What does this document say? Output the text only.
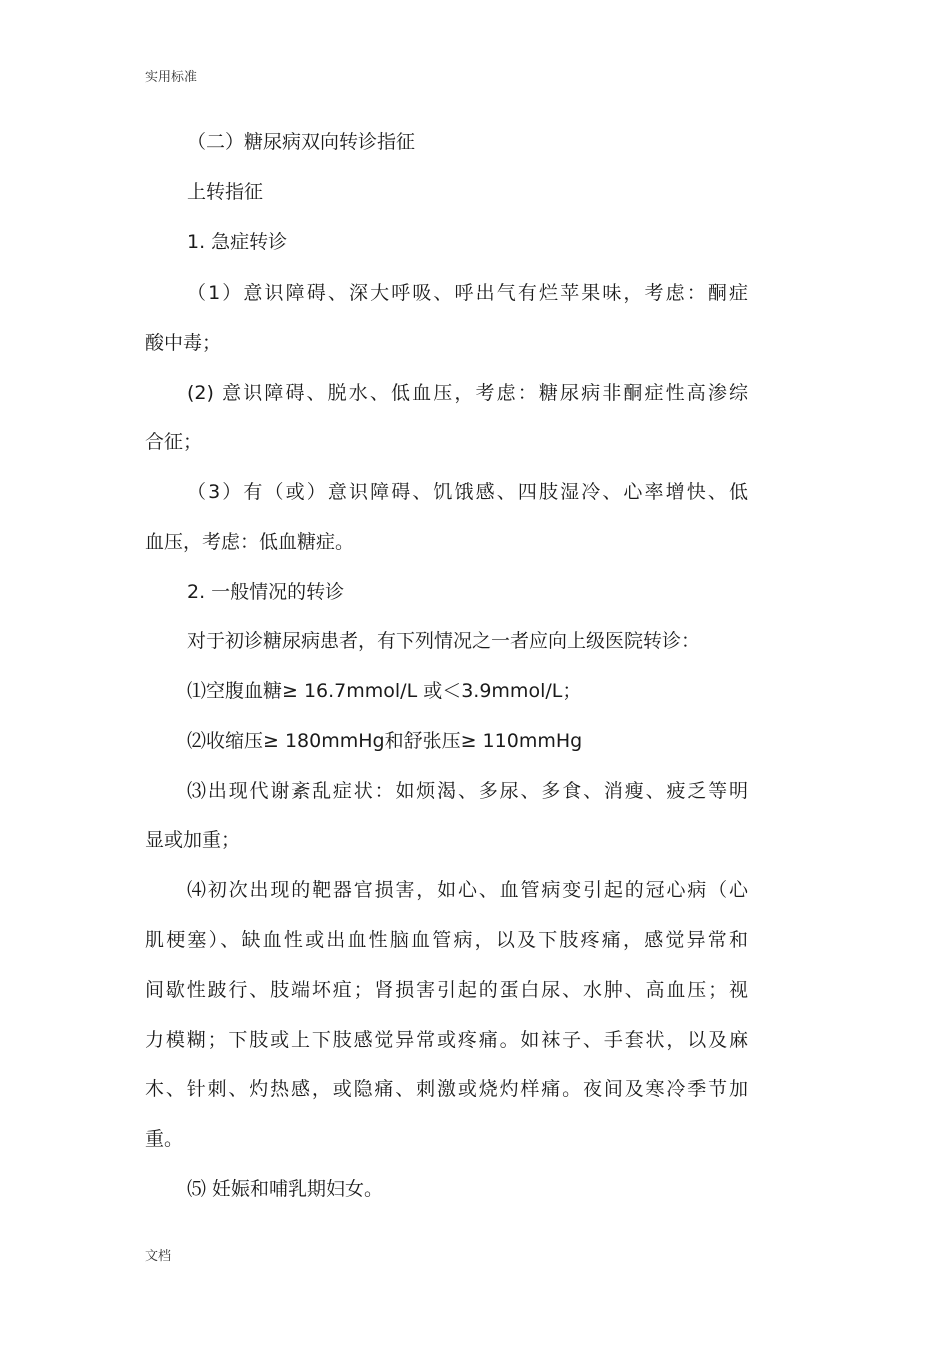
实用标准
（二）糖尿病双向转诊指征
上转指征
1. 急症转诊
（1）意识障碍、深大呼吸、呼出气有烂苹果味，考虑：酮症
酸中毒；
(2) 意识障碍、脱水、低血压，考虑：糖尿病非酮症性高渗综
合征；
（3）有（或）意识障碍、饥饿感、四肢湿冷、心率增快、低
血压，考虑：低血糖症。
2. 一般情况的转诊
对于初诊糖尿病患者，有下列情况之一者应向上级医院转诊：
⑴空腹血糖≥ 16.7mmol/L 或＜3.9mmol/L；
⑵收缩压≥ 180mmHg和舒张压≥ 110mmHg
⑶出现代谢紊乱症状：如烦渴、多尿、多食、消瘦、疲乏等明
显或加重；
⑷初次出现的靶器官损害，如心、血管病变引起的冠心病（心
肌梗塞）、缺血性或出血性脑血管病，以及下肢疼痛，感觉异常和
间歇性跛行、肢端坏疽；肾损害引起的蛋白尿、水肿、高血压；视
力模糊；下肢或上下肢感觉异常或疼痛。如袜子、手套状，以及麻
木、针刺、灼热感，或隐痛、刺激或烧灼样痛。夜间及寒冷季节加
重。
⑸ 妊娠和哺乳期妇女。
文档
